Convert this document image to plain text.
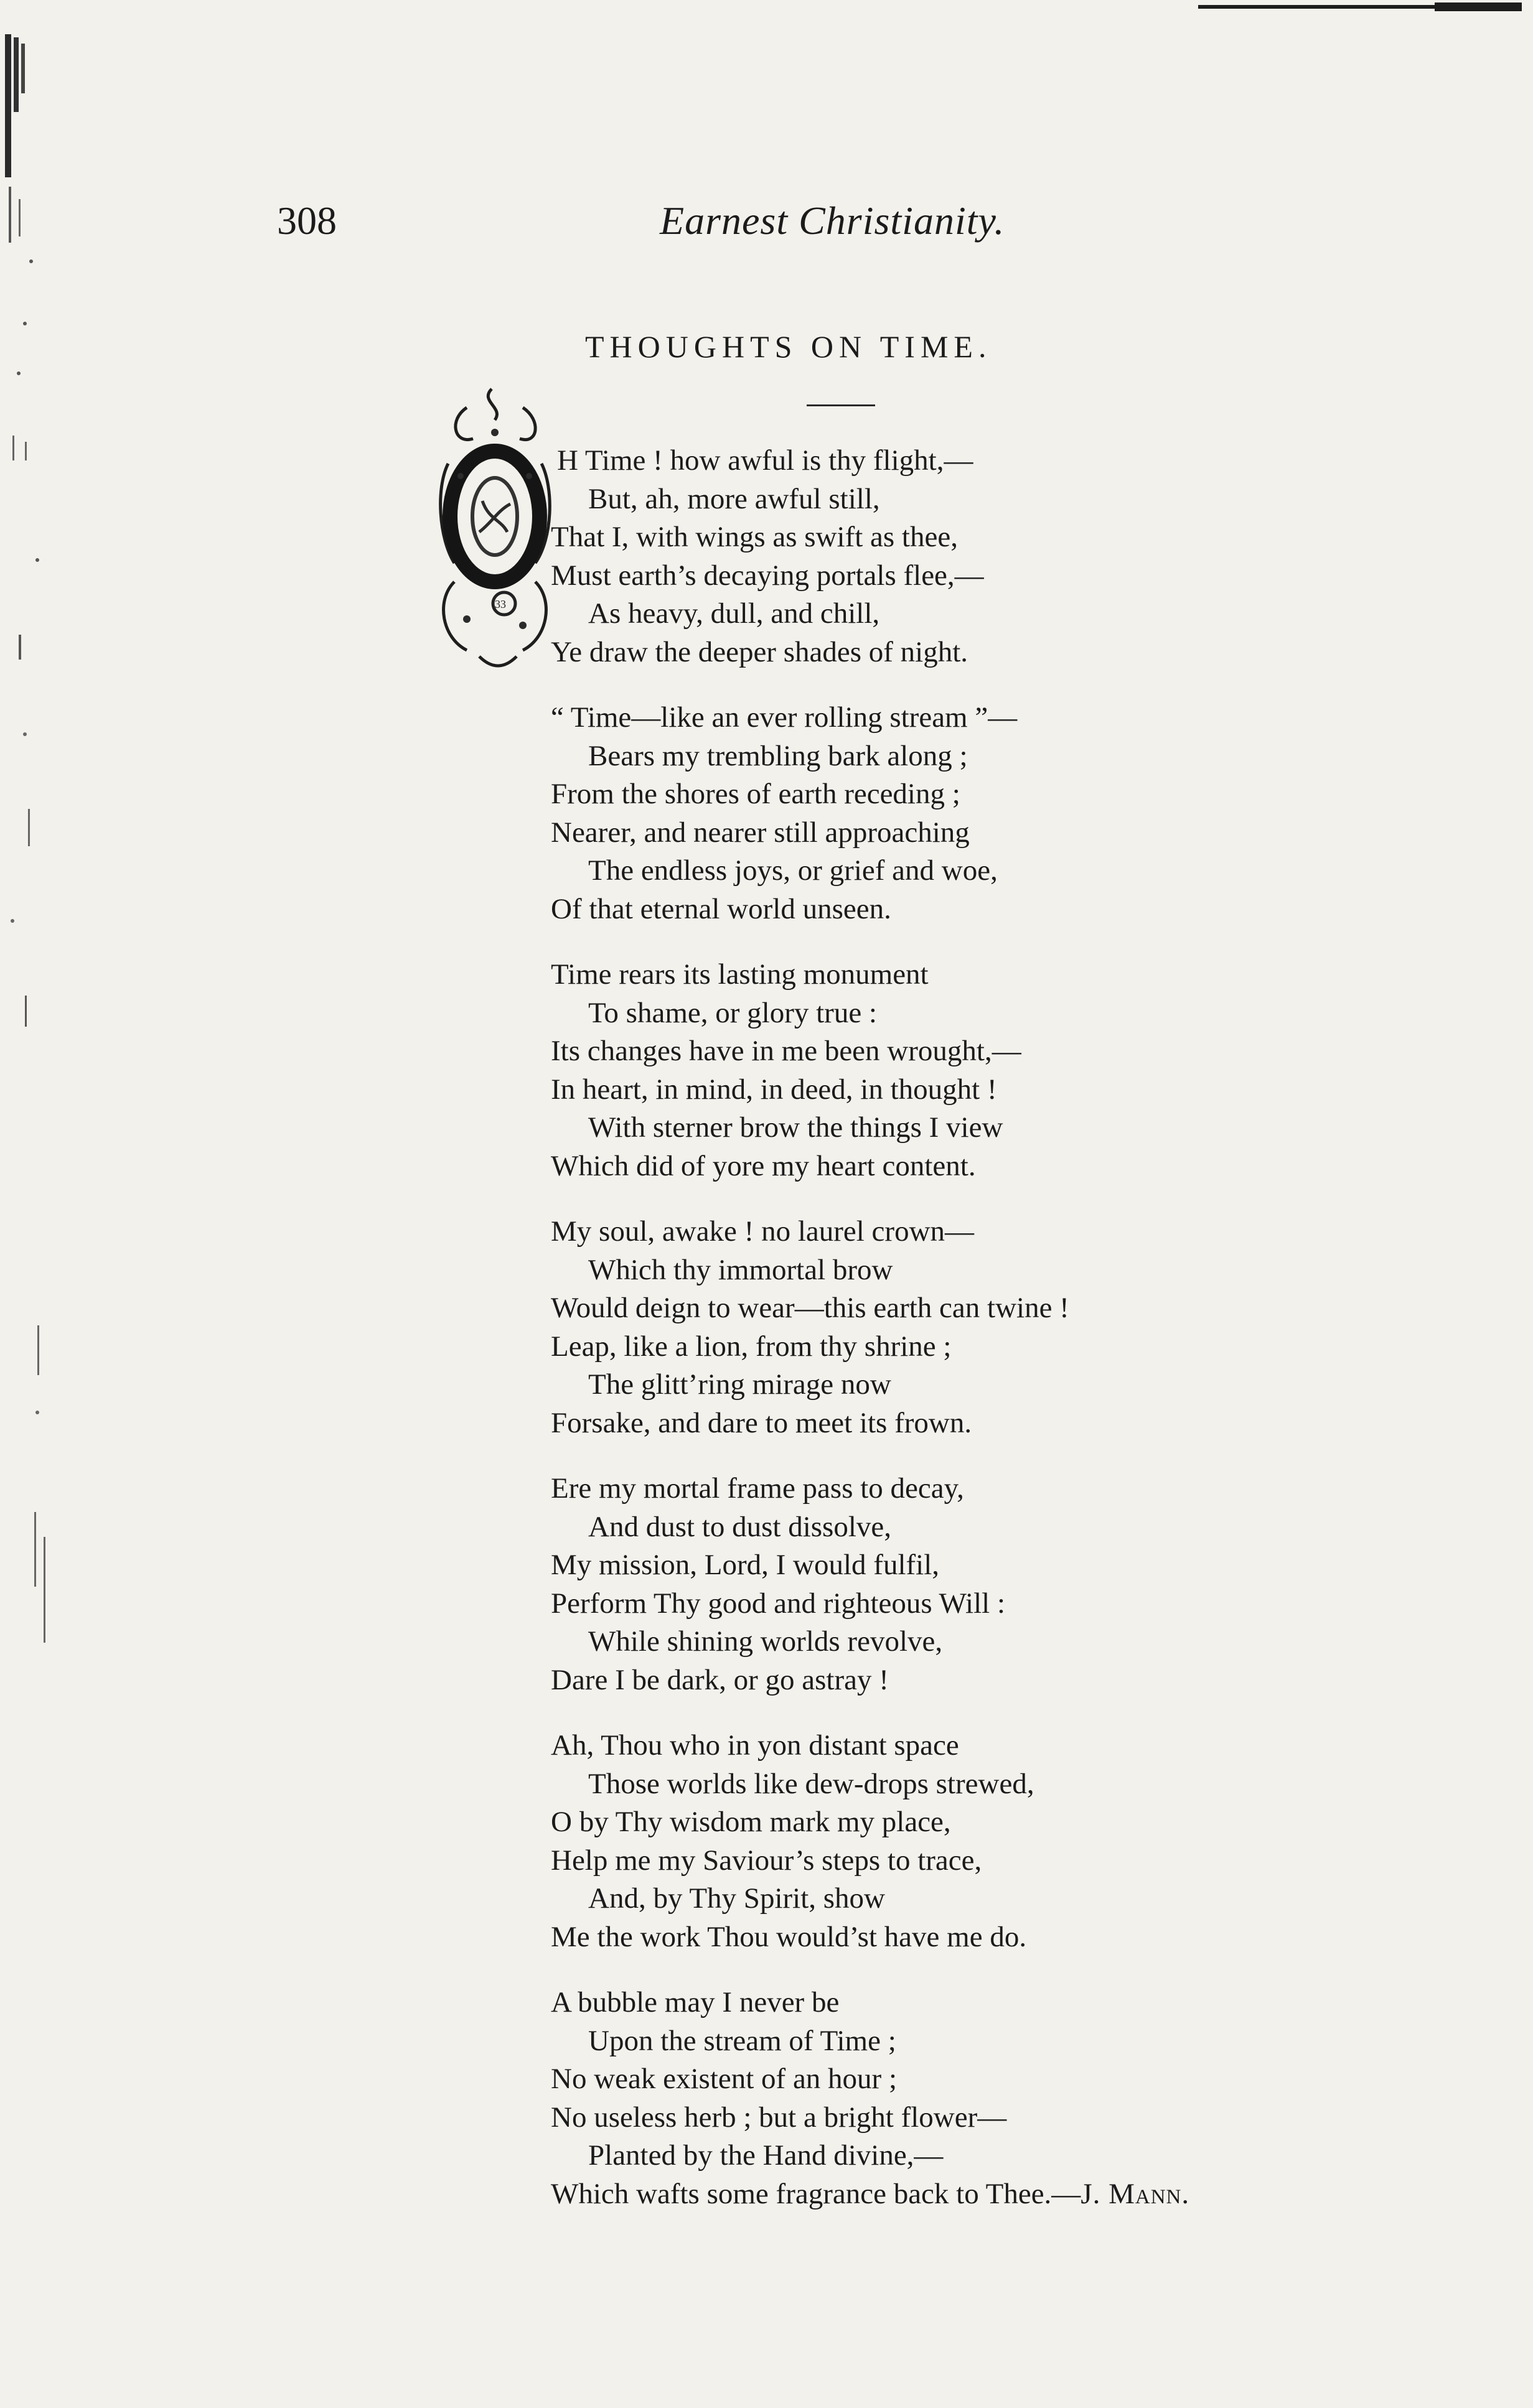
308	Earnest Christianity.
THOUGHTS ON TIME.
33
H Time ! how awful is thy flight,—
But, ah, more awful still,
That I, with wings as swift as thee,
Must earth’s decaying portals flee,—
As heavy, dull, and chill,
Ye draw the deeper shades of night.
“ Time—like an ever rolling stream ”—
Bears my trembling bark along ;
From the shores of earth receding ;
Nearer, and nearer still approaching
The endless joys, or grief and woe,
Of that eternal world unseen.
Time rears its lasting monument
To shame, or glory true :
Its changes have in me been wrought,—
In heart, in mind, in deed, in thought !
With sterner brow the things I view
Which did of yore my heart content.
My soul, awake ! no laurel crown—
Which thy immortal brow
Would deign to wear—this earth can twine !
Leap, like a lion, from thy shrine ;
The glitt’ring mirage now
Forsake, and dare to meet its frown.
Ere my mortal frame pass to decay,
And dust to dust dissolve,
My mission, Lord, I would fulfil,
Perform Thy good and righteous Will :
While shining worlds revolve,
Dare I be dark, or go astray !
Ah, Thou who in yon distant space
Those worlds like dew-drops strewed,
O by Thy wisdom mark my place,
Help me my Saviour’s steps to trace,
And, by Thy Spirit, show
Me the work Thou would’st have me do.
A bubble may I never be
Upon the stream of Time ;
No weak existent of an hour ;
No useless herb ; but a bright flower—
Planted by the Hand divine,—
Which wafts some fragrance back to Thee.—J. Mann.
